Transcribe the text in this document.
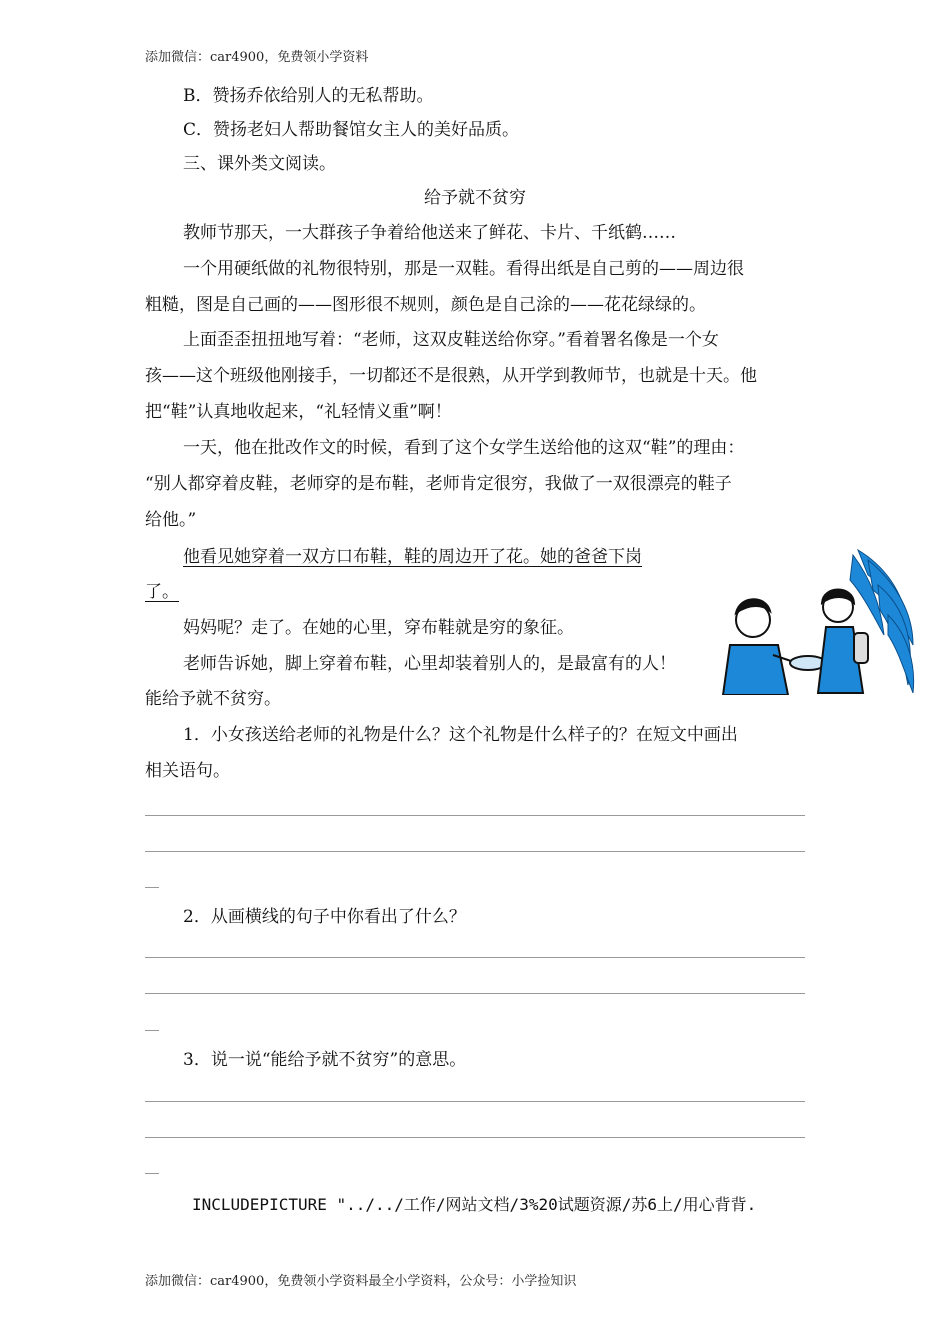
添加微信：car4900，免费领小学资料
B．赞扬乔依给别人的无私帮助。
C．赞扬老妇人帮助餐馆女主人的美好品质。
三、课外类文阅读。
给予就不贫穷
教师节那天，一大群孩子争着给他送来了鲜花、卡片、千纸鹤……
一个用硬纸做的礼物很特别，那是一双鞋。看得出纸是自己剪的——周边很
粗糙，图是自己画的——图形很不规则，颜色是自己涂的——花花绿绿的。
上面歪歪扭扭地写着：“老师，这双皮鞋送给你穿。”看着署名像是一个女
孩——这个班级他刚接手，一切都还不是很熟，从开学到教师节，也就是十天。他
把“鞋”认真地收起来，“礼轻情义重”啊！
一天，他在批改作文的时候，看到了这个女学生送给他的这双“鞋”的理由：
“别人都穿着皮鞋，老师穿的是布鞋，老师肯定很穷，我做了一双很漂亮的鞋子
给他。”
他看见她穿着一双方口布鞋，鞋的周边开了花。她的爸爸下岗
了。
妈妈呢？走了。在她的心里，穿布鞋就是穷的象征。
老师告诉她，脚上穿着布鞋，心里却装着别人的，是最富有的人！
能给予就不贫穷。
1．小女孩送给老师的礼物是什么？这个礼物是什么样子的？在短文中画出
相关语句。
2．从画横线的句子中你看出了什么？
3．说一说“能给予就不贫穷”的意思。
INCLUDEPICTURE "../../工作/网站文档/3%20试题资源/苏6上/用心背背.
添加微信：car4900，免费领小学资料最全小学资料，公众号：小学捡知识
